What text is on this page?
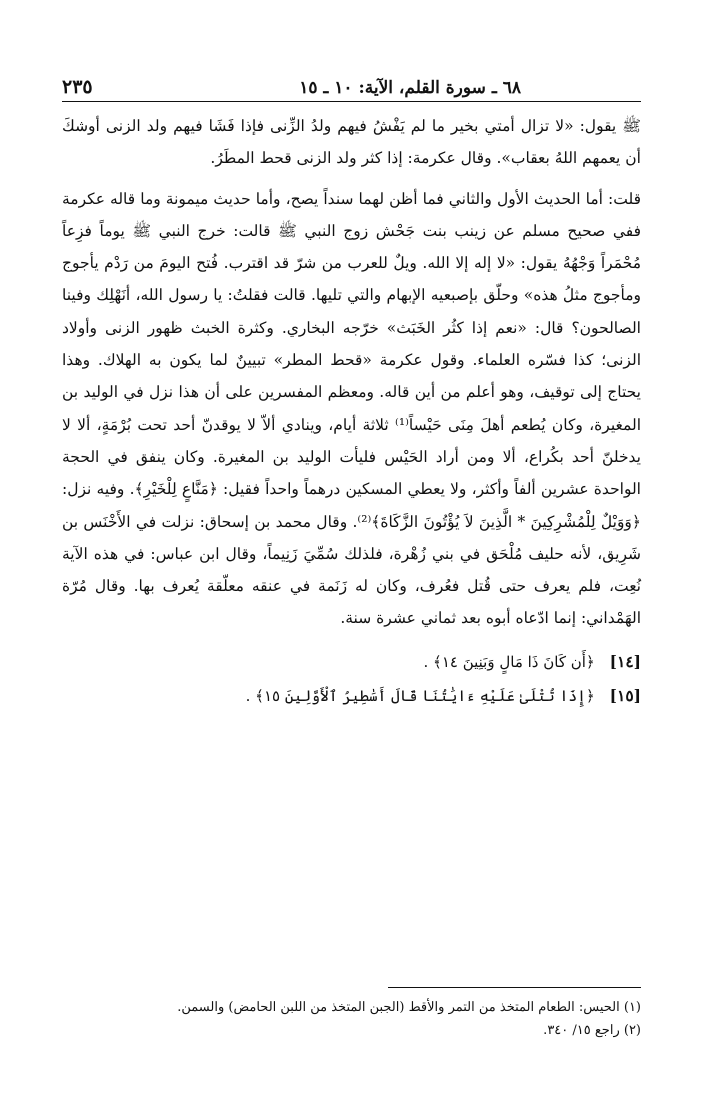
٢٣٥	٦٨ ـ سورة القلم، الآية: ١٠ ـ ١٥

ﷺ يقول: «لا تزال أمتي بخير ما لم يَفْشُ فيهم ولدُ الزِّنى فإذا فَشَا فيهم ولد الزنى أوشكَ أن يعمهم اللهُ بعقاب». وقال عكرمة: إذا كثر ولد الزنى قحط المطَرُ.

قلت: أما الحديث الأول والثاني فما أظن لهما سنداً يصح، وأما حديث ميمونة وما قاله عكرمة ففي صحيح مسلم عن زينب بنت جَحْش زوج النبي ﷺ قالت: خرج النبي ﷺ يوماً فزِعاً مُحْمَراً وَجْهُهُ يقول: «لا إله إلا الله. ويلٌ للعرب من شرّ قد اقترب. فُتح اليومَ من رَدْم يأجوج ومأجوج مثلُ هذه» وحلّق بإصبعيه الإبهام والتي تليها. قالت فقلتُ: يا رسول الله، أنَهْلِك وفينا الصالحون؟ قال: «نعم إذا كثُر الخَبَث» خرّجه البخاري. وكثرة الخبث ظهور الزنى وأولاد الزنى؛ كذا فسّره العلماء. وقول عكرمة «قحط المطر» تبيينٌ لما يكون به الهلاك. وهذا يحتاج إلى توقيف، وهو أعلم من أين قاله. ومعظم المفسرين على أن هذا نزل في الوليد بن المغيرة، وكان يُطعم أهلَ مِنَى حَيْساً⁽¹⁾ ثلاثة أيام، وينادي ألاّ لا يوقدنّ أحد تحت بُرْمَةٍ، ألا لا يدخلنّ أحد بكُراع، ألا ومن أراد الحَيْس فليأت الوليد بن المغيرة. وكان ينفق في الحجة الواحدة عشرين ألفاً وأكثر، ولا يعطي المسكين درهماً واحداً فقيل: ﴿مَنَّاعٍ لِلْخَيْرِ﴾. وفيه نزل: ﴿وَوَيْلٌ لِلْمُشْرِكِينَ * الَّذِينَ لاَ يُؤْتُونَ الزَّكَاةَ﴾⁽²⁾. وقال محمد بن إسحاق: نزلت في الأَخْنَس بن شَرِيق، لأنه حليف مُلْحَق في بني زُهْرة، فلذلك سُمِّيَ زَنِيماً، وقال ابن عباس: في هذه الآية نُعِت، فلم يعرف حتى قُتل فعُرف، وكان له زَنَمة في عنقه معلّقة يُعرف بها. وقال مُرّة الهَمْداني: إنما ادّعاه أبوه بعد ثماني عشرة سنة.

[١٤] ﴿أَن كَانَ ذَا مَالٍ وَبَنِينَ ١٤﴾ .
[١٥] ﴿إِذَا تُتْلَىٰ عَلَيْهِ ءَايَٰتُنَا قَالَ أَسَٰطِيرُ ٱلْأَوَّلِينَ ١٥﴾ .

(١) الحيس: الطعام المتخذ من التمر والأقط (الجبن المتخذ من اللبن الحامض) والسمن.

(٢) راجع ١٥/ ٣٤٠.
